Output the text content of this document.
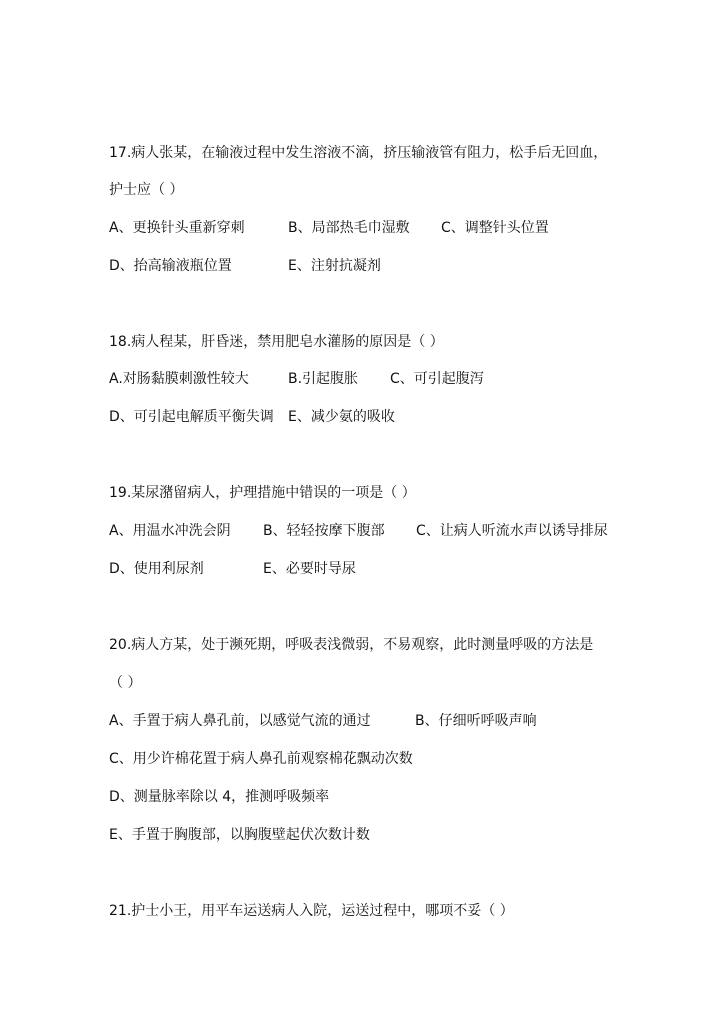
17.病人张某，在输液过程中发生溶液不滴，挤压输液管有阻力，松手后无回血，
护士应（ ）
A、更换针头重新穿刺	B、局部热毛巾湿敷 C、调整针头位置
D、抬高输液瓶位置	E、注射抗凝剂
18.病人程某，肝昏迷，禁用肥皂水灌肠的原因是（ ）
A.对肠黏膜刺激性较大	B.引起腹胀 C、可引起腹泻
D、可引起电解质平衡失调 E、减少氨的吸收
19.某尿潴留病人，护理措施中错误的一项是（ ）
A、用温水冲洗会阴 B、轻轻按摩下腹部 C、让病人听流水声以诱导排尿
D、使用利尿剂	E、必要时导尿
20.病人方某，处于濒死期，呼吸表浅微弱，不易观察，此时测量呼吸的方法是
（ ）
A、手置于病人鼻孔前，以感觉气流的通过	B、仔细听呼吸声响
C、用少许棉花置于病人鼻孔前观察棉花飘动次数
D、测量脉率除以 4，推测呼吸频率
E、手置于胸腹部，以胸腹壁起伏次数计数
21.护士小王，用平车运送病人入院，运送过程中，哪项不妥（ ）
